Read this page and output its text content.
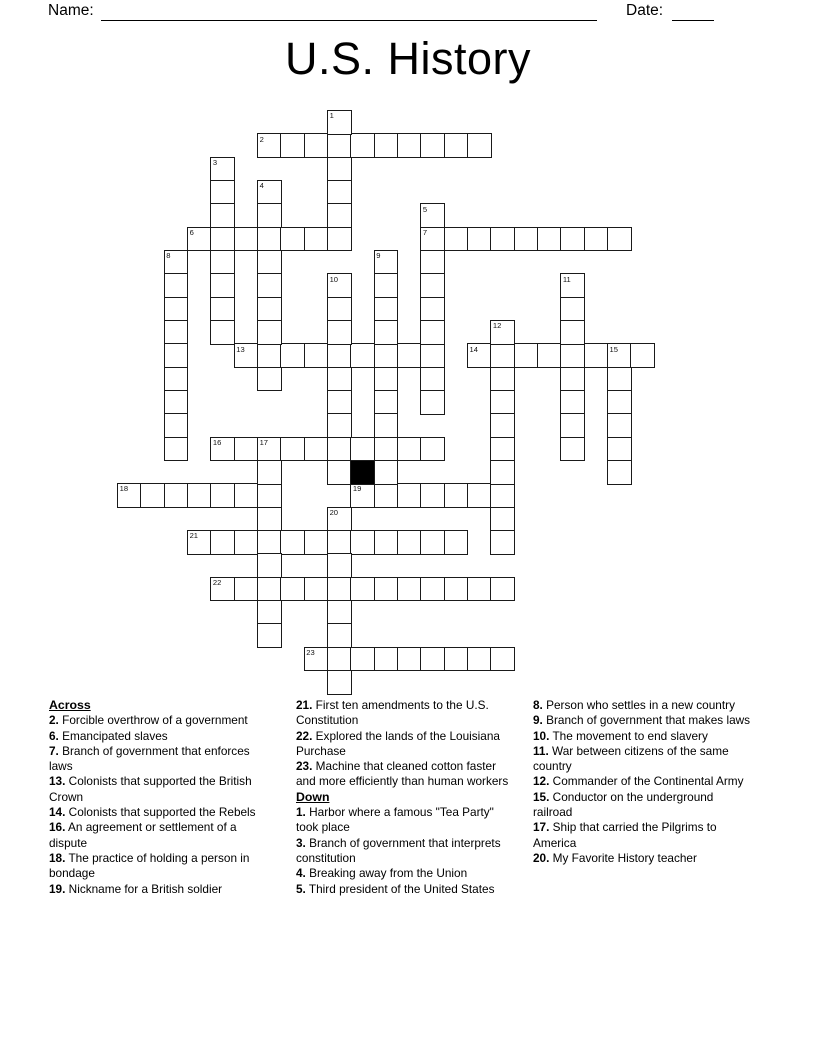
Name:	Date:
U.S. History
1
2
3
4
5
6	7
8	9
10	11
12
13	14	15
16	17
18	19
20
21
22
23

Across

2. Forcible overthrow of a government

6. Emancipated slaves

7. Branch of government that enforces laws

13. Colonists that supported the British Crown

14. Colonists that supported the Rebels

16. An agreement or settlement of a dispute

18. The practice of holding a person in bondage

19. Nickname for a British soldier

21. First ten amendments to the U.S. Constitution

22. Explored the lands of the Louisiana Purchase

23. Machine that cleaned cotton faster and more efficiently than human workers

Down

1. Harbor where a famous "Tea Party" took place

3. Branch of government that interprets constitution

4. Breaking away from the Union

5. Third president of the United States

8. Person who settles in a new country

9. Branch of government that makes laws

10. The movement to end slavery

11. War between citizens of the same country

12. Commander of the Continental Army

15. Conductor on the underground railroad

17. Ship that carried the Pilgrims to America

20. My Favorite History teacher
